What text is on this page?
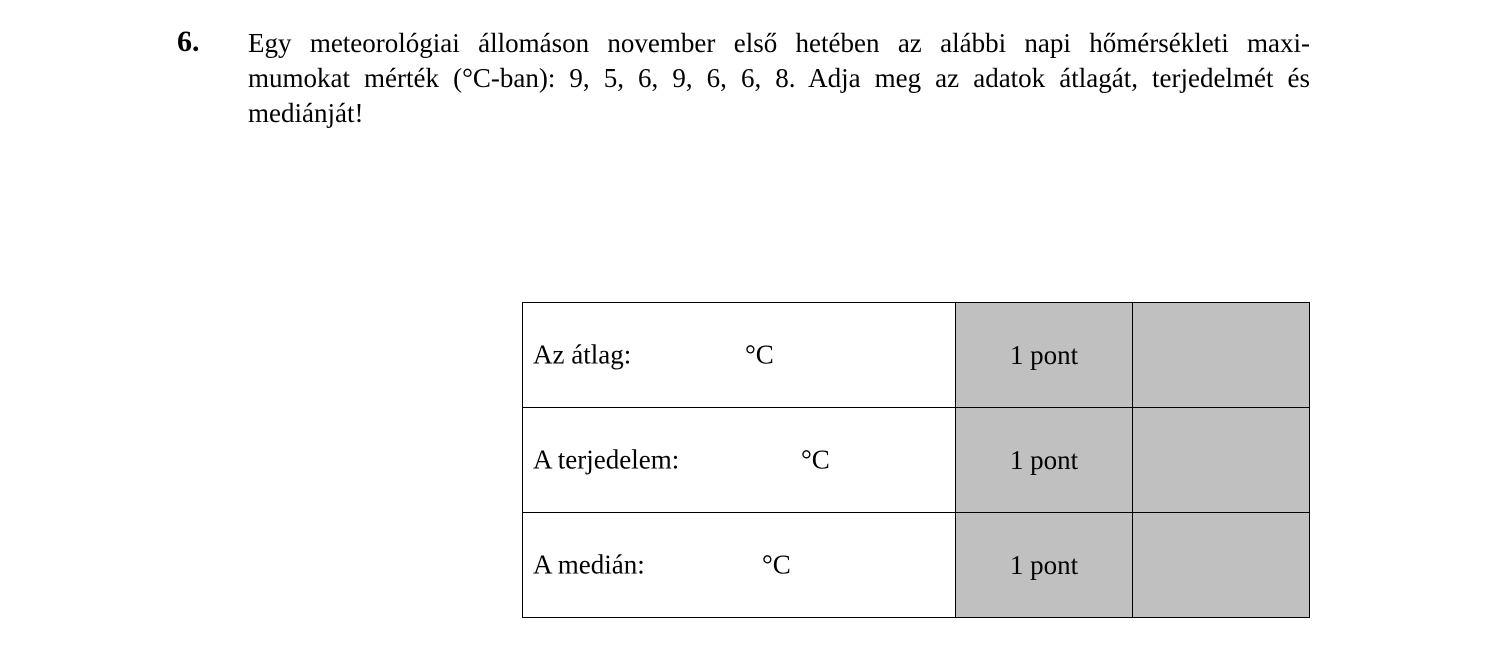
6. Egy meteorológiai állomáson november első hetében az alábbi napi hőmérsékleti maxi-
mumokat mérték (°C-ban): 9, 5, 6, 9, 6, 6, 8. Adja meg az adatok átlagát, terjedelmét és
mediánját!
Az átlag: °C	1 pont	

A terjedelem: °C	1 pont	

A medián: °C	1 pont	
